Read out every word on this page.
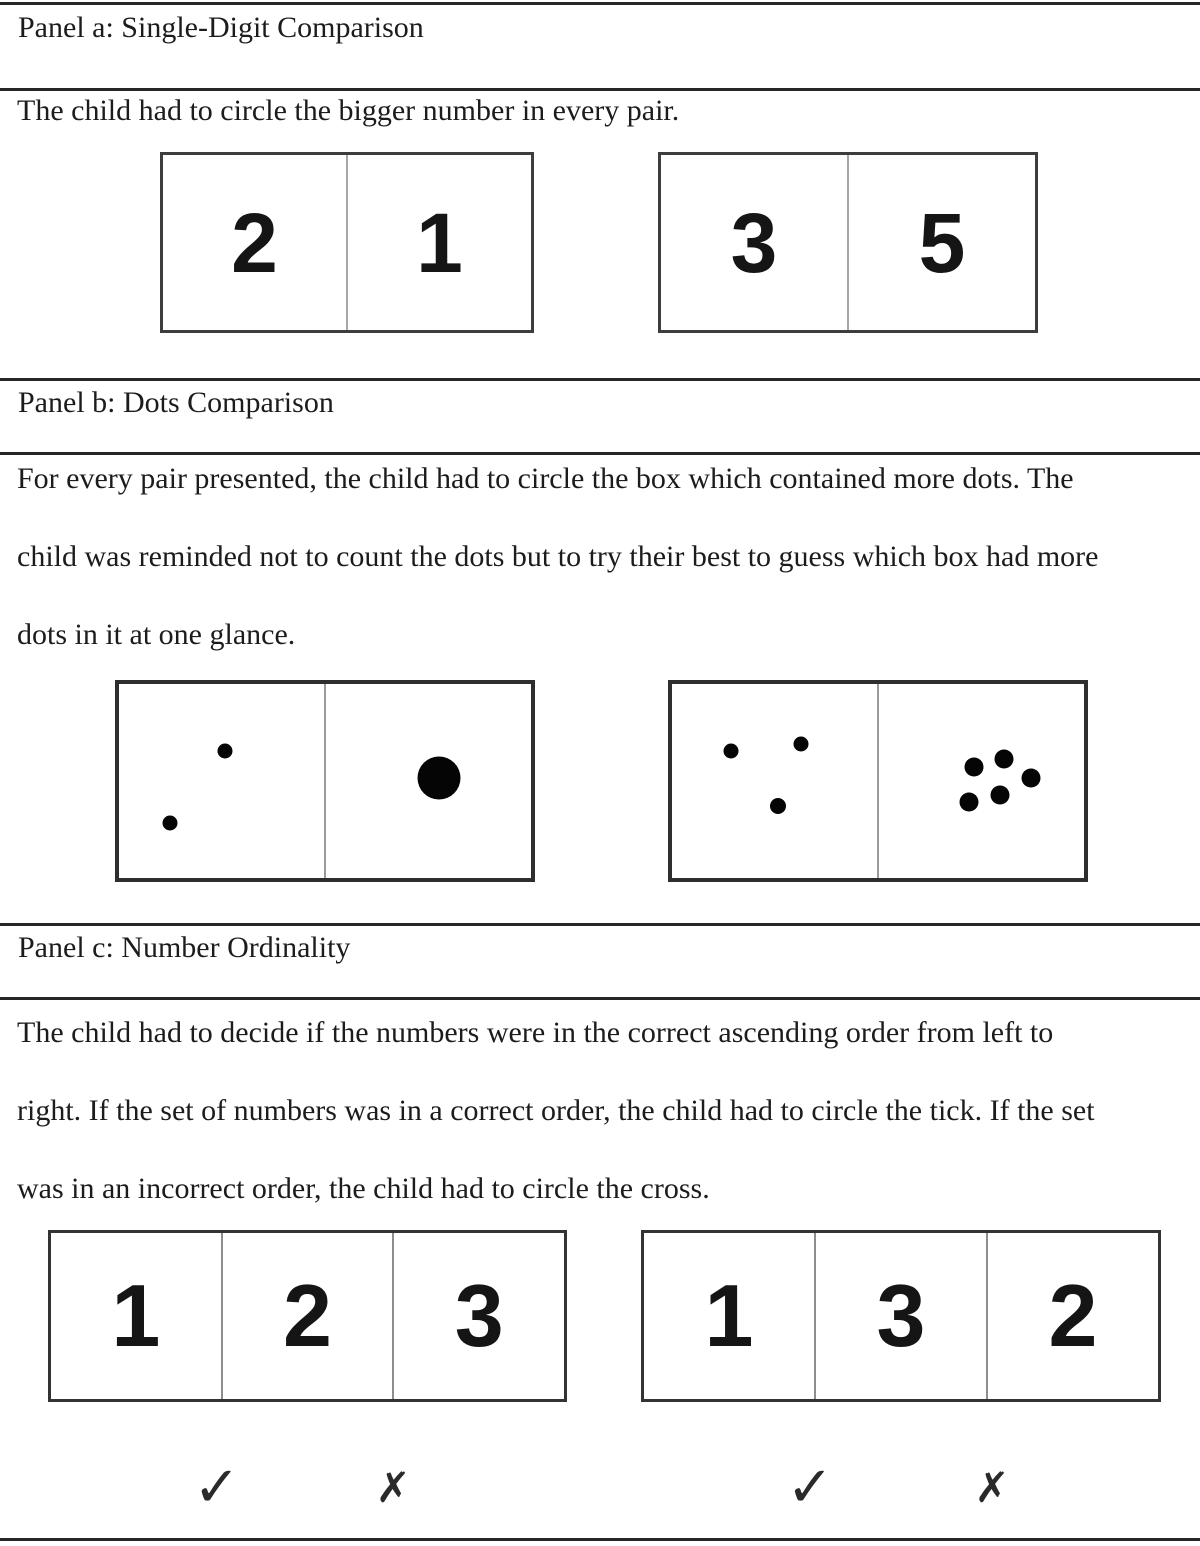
Panel a: Single-Digit Comparison
The child had to circle the bigger number in every pair.
2 1	3 5
Panel b: Dots Comparison
For every pair presented, the child had to circle the box which contained more dots. The
child was reminded not to count the dots but to try their best to guess which box had more
dots in it at one glance.
Panel c: Number Ordinality
The child had to decide if the numbers were in the correct ascending order from left to
right. If the set of numbers was in a correct order, the child had to circle the tick. If the set
was in an incorrect order, the child had to circle the cross.
1 2 3 1 3 2
✓	✗	✓	✗
